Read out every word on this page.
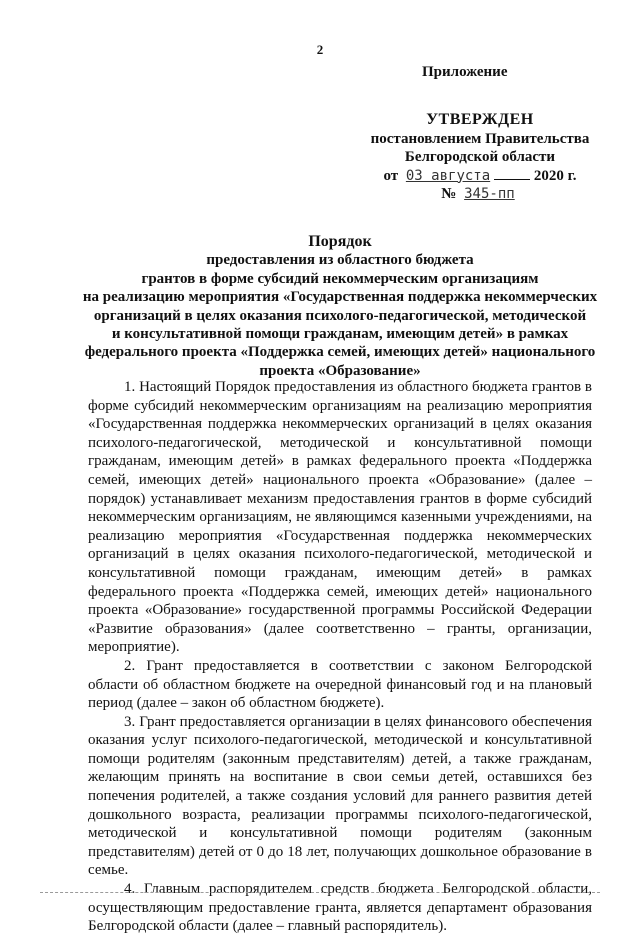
2
Приложение
УТВЕРЖДЕН
постановлением Правительства
Белгородской области
от 03 августа	2020 г.
№ 345-пп
Порядок
предоставления из областного бюджета
грантов в форме субсидий некоммерческим организациям
на реализацию мероприятия «Государственная поддержка некоммерческих
организаций в целях оказания психолого-педагогической, методической
и консультативной помощи гражданам, имеющим детей» в рамках
федерального проекта «Поддержка семей, имеющих детей» национального
проекта «Образование»

1. Настоящий Порядок предоставления из областного бюджета грантов в форме субсидий некоммерческим организациям на реализацию мероприятия «Государственная поддержка некоммерческих организаций в целях оказания психолого-педагогической, методической и консультативной помощи гражданам, имеющим детей» в рамках федерального проекта «Поддержка семей, имеющих детей» национального проекта «Образование» (далее – порядок) устанавливает механизм предоставления грантов в форме субсидий некоммерческим организациям, не являющимся казенными учреждениями, на реализацию мероприятия «Государственная поддержка некоммерческих организаций в целях оказания психолого-педагогической, методической и консультативной помощи гражданам, имеющим детей» в рамках федерального проекта «Поддержка семей, имеющих детей» национального проекта «Образование» государственной программы Российской Федерации «Развитие образования» (далее соответственно – гранты, организации, мероприятие).

2. Грант предоставляется в соответствии с законом Белгородской области об областном бюджете на очередной финансовый год и на плановый период (далее – закон об областном бюджете).

3. Грант предоставляется организации в целях финансового обеспечения оказания услуг психолого-педагогической, методической и консультативной помощи родителям (законным представителям) детей, а также гражданам, желающим принять на воспитание в свои семьи детей, оставшихся без попечения родителей, а также создания условий для раннего развития детей дошкольного возраста, реализации программы психолого-педагогической, методической и консультативной помощи родителям (законным представителям) детей от 0 до 18 лет, получающих дошкольное образование в семье.

4. Главным распорядителем средств бюджета Белгородской области, осуществляющим предоставление гранта, является департамент образования Белгородской области (далее – главный распорядитель).
